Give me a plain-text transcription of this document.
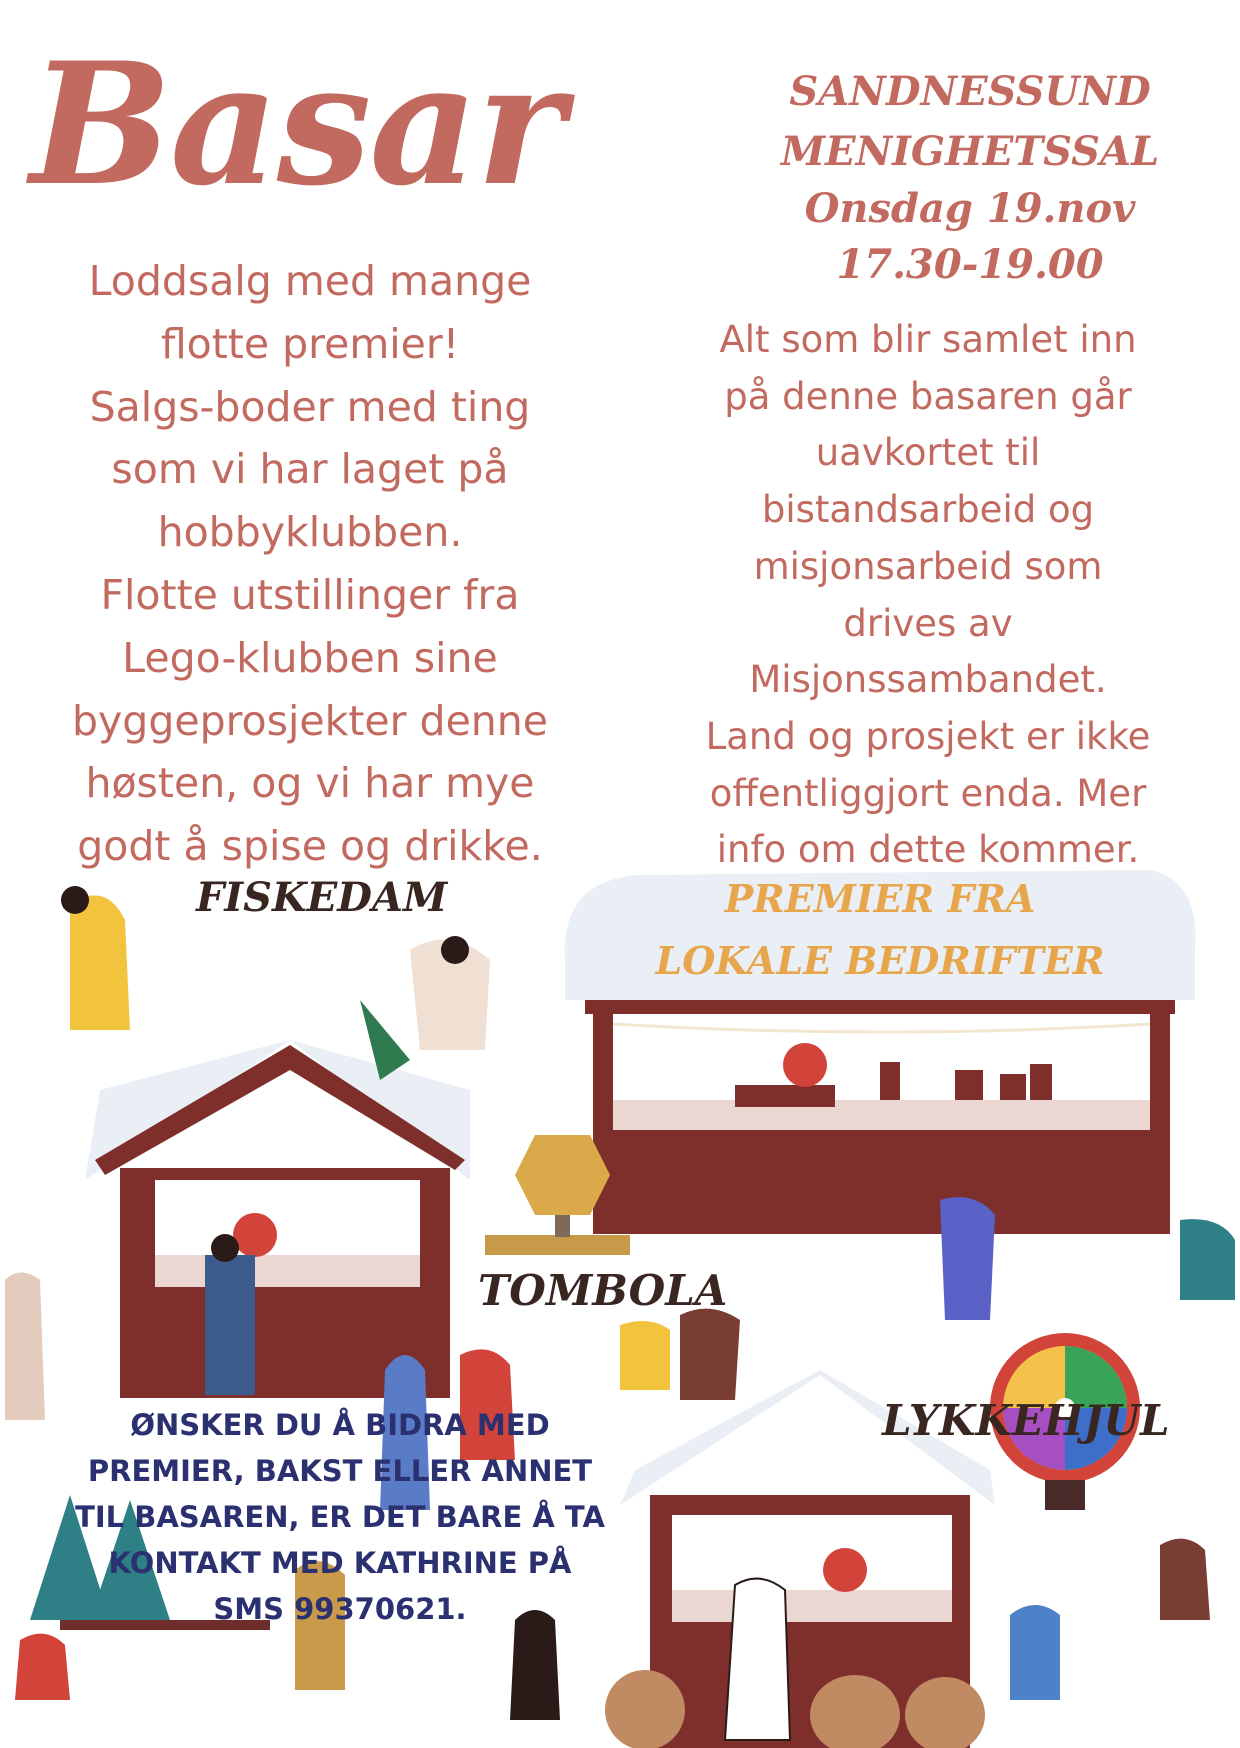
Basar	SANDNESSUND
MENIGHETSSAL
Onsdag 19.nov
17.30-19.00
Loddsalg med mange
flotte premier!
Salgs-boder med ting
som vi har laget på
hobbyklubben.
Flotte utstillinger fra
Lego-klubben sine
byggeprosjekter denne
høsten, og vi har mye
godt å spise og drikke.
Alt som blir samlet inn
på denne basaren går
uavkortet til
bistandsarbeid og
misjonsarbeid som
drives av
Misjonssambandet.
Land og prosjekt er ikke
offentliggjort enda. Mer
info om dette kommer.
FISKEDAM	PREMIER FRA
LOKALE BEDRIFTER
TOMBOLA
LYKKEHJUL
ØNSKER DU Å BIDRA MED
PREMIER, BAKST ELLER ANNET
TIL BASAREN, ER DET BARE Å TA
KONTAKT MED KATHRINE PÅ
SMS 99370621.
